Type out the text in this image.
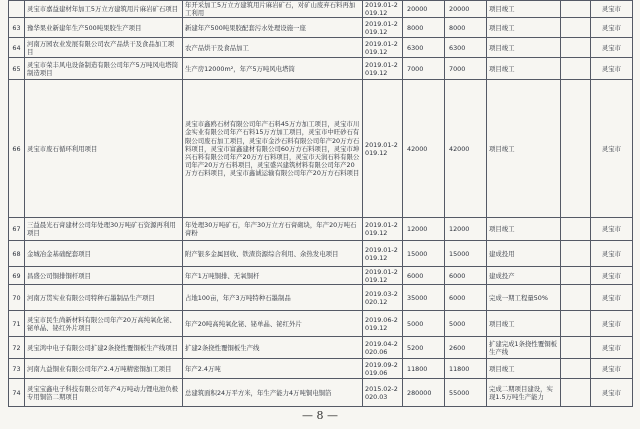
	灵宝市嘉益建材年加工5万立方建筑用片麻岩矿石项目	年开采加工5万立方建筑用片麻岩矿石，对矿山废弃石料再加工利用	2019.01-2019.12	20000	20000	项目竣工		灵宝市
63	豫华果业新建年生产500吨果胶生产项目	新建年产500吨果胶配套污水处理设施一座	2019.01-2019.12	8000	8000	项目竣工		灵宝市
64	河南万园农业发展有限公司农产品烘干及食品加工项目	农产品烘干及食品加工	2019.01-2019.12	6300	6300	项目竣工		灵宝市
65	灵宝市荣丰风电设备制造有限公司年产5万吨风电塔筒制造项目	生产房12000m²，年产5万吨风电塔筒	2019.01-2019.12	7000	7000	项目竣工		灵宝市
66	灵宝市废石循环利用项目	灵宝市鑫鸥石材有限公司年产石料45万方加工项目，灵宝市川金实业有限公司年产石料15万方加工项目，灵宝市中旺砂石有限公司废石加工项目，灵宝市金沙石料有限公司年产20万方石料项目，灵宝市富鑫建材有限公司60万方石料项目，灵宝市坤兴石料有限公司年产20万方石料项目，灵宝市天润石料有限公司年产20万方石料项目，灵宝盛兴建筑材料有限公司年产20万方石料项目，灵宝市鑫诚运输有限公司年产20万方石料项目	2019.01-2019.12	42000	42000	项目竣工		灵宝市
67	三益晨光石膏建材公司年处理30万吨矿石资源再利用项目	年处理30万吨矿石，年产30万立方石膏砌块，年产20万吨石膏粉	2019.01-2019.12	12000	12000	项目竣工		灵宝市
68	金城冶金基础配套项目	附产银多金属回收、铁渣资源综合利用、余热发电项目	2019.01-2019.12	15000	15000	建成投用		灵宝市
69	昌盛公司铜排铜杆项目	年产1万吨铜排、无氧铜杆	2019.01-2019.12	6000	6000	建成投产		灵宝市
70	河南万贯实业有限公司特种石墨制品生产项目	占地100亩，年产3万吨特种石墨制品	2019.03-2020.12	35000	6000	完成一期工程量50%		灵宝市
71	灵宝市民生尚新材料有限公司年产20万高纯氧化铋、铋单晶、铋红外片项目	年产20吨高纯氧化铋、铋单晶、铋红外片	2019.06-2019.12	5000	5000	项目竣工		灵宝市
72	灵宝鸿中电子有限公司扩建2条挠性覆铜板生产线项目	扩建2条挠性覆铜板生产线	2019.04-2020.06	5200	2600	扩建完成1条挠性覆铜板生产线		灵宝市
73	河南九益铜业有限公司年产2.4万吨精密铜加工项目	年产2.4万吨	2019.09-2019.06	11800	11800	项目竣工		灵宝市
74	灵宝宝鑫电子科技有限公司年产4万吨动力锂电池负极专用铜箔二期项目	总建筑面积24万平方米，年生产能力4万吨铜电铜箔	2015.02-2020.03	280000	55000	完成二期项目建设，实现1.5万吨生产能力		灵宝市
— 8 —
